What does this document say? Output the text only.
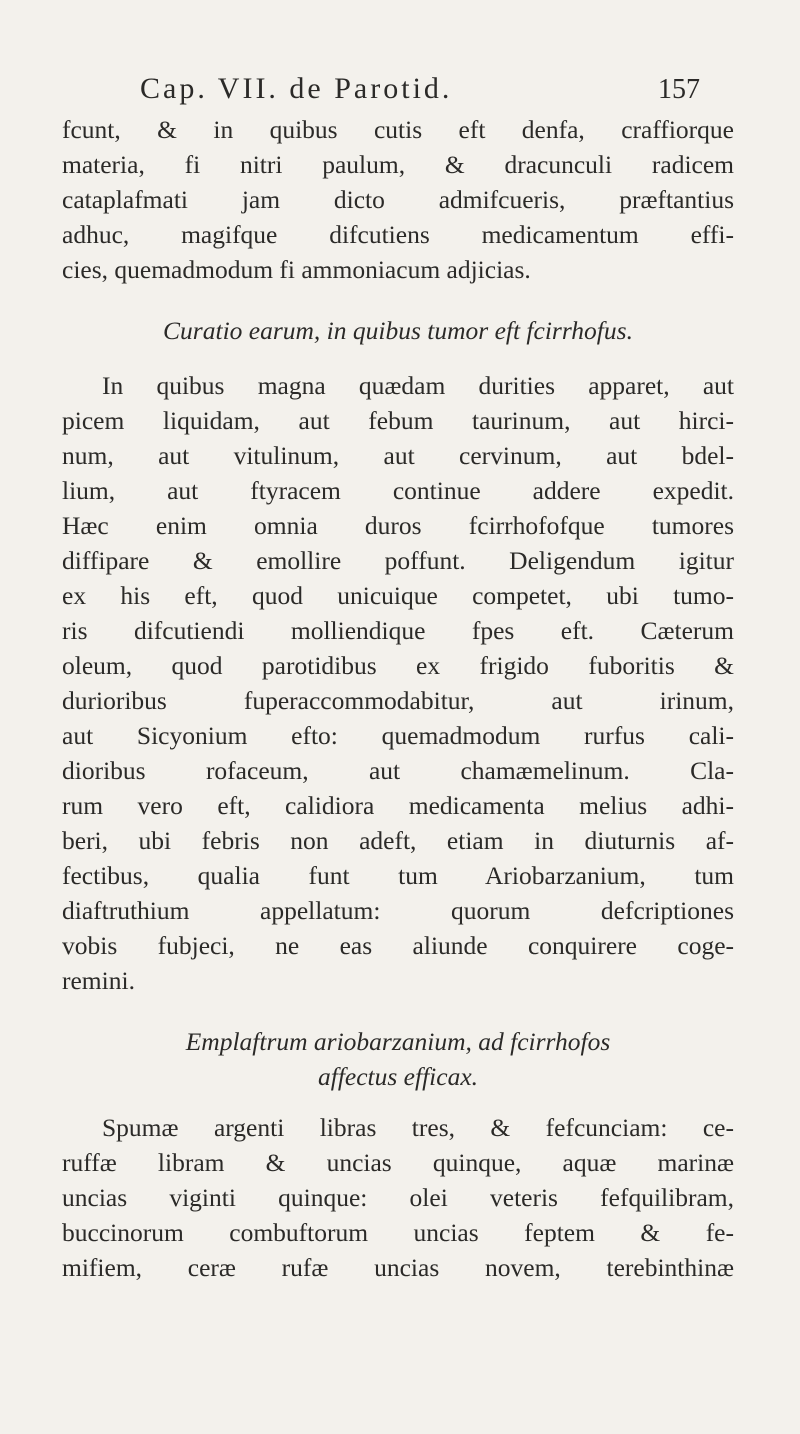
Cap. VII. de Parotid.	157
fcunt, & in quibus cutis eft denfa, craffiorque
materia, fi nitri paulum, & dracunculi radicem
cataplafmati jam dicto admifcueris, præftantius
adhuc, magifque difcutiens medicamentum effi-
cies, quemadmodum fi ammoniacum adjicias.
Curatio earum, in quibus tumor eft fcirrhofus.
In quibus magna quædam durities apparet, aut
picem liquidam, aut febum taurinum, aut hirci-
num, aut vitulinum, aut cervinum, aut bdel-
lium, aut ftyracem continue addere expedit.
Hæc enim omnia duros fcirrhofofque tumores
diffipare & emollire poffunt. Deligendum igitur
ex his eft, quod unicuique competet, ubi tumo-
ris difcutiendi molliendique fpes eft. Cæterum
oleum, quod parotidibus ex frigido fuboritis &
durioribus fuperaccommodabitur, aut irinum,
aut Sicyonium efto: quemadmodum rurfus cali-
dioribus rofaceum, aut chamæmelinum. Cla-
rum vero eft, calidiora medicamenta melius adhi-
beri, ubi febris non adeft, etiam in diuturnis af-
fectibus, qualia funt tum Ariobarzanium, tum
diaftruthium appellatum: quorum defcriptiones
vobis fubjeci, ne eas aliunde conquirere coge-
remini.
Emplaftrum ariobarzanium, ad fcirrhofos
affectus efficax.
Spumæ argenti libras tres, & fefcunciam: ce-
ruffæ libram & uncias quinque, aquæ marinæ
uncias viginti quinque: olei veteris fefquilibram,
buccinorum combuftorum uncias feptem & fe-
mifiem, ceræ rufæ uncias novem, terebinthinæ
